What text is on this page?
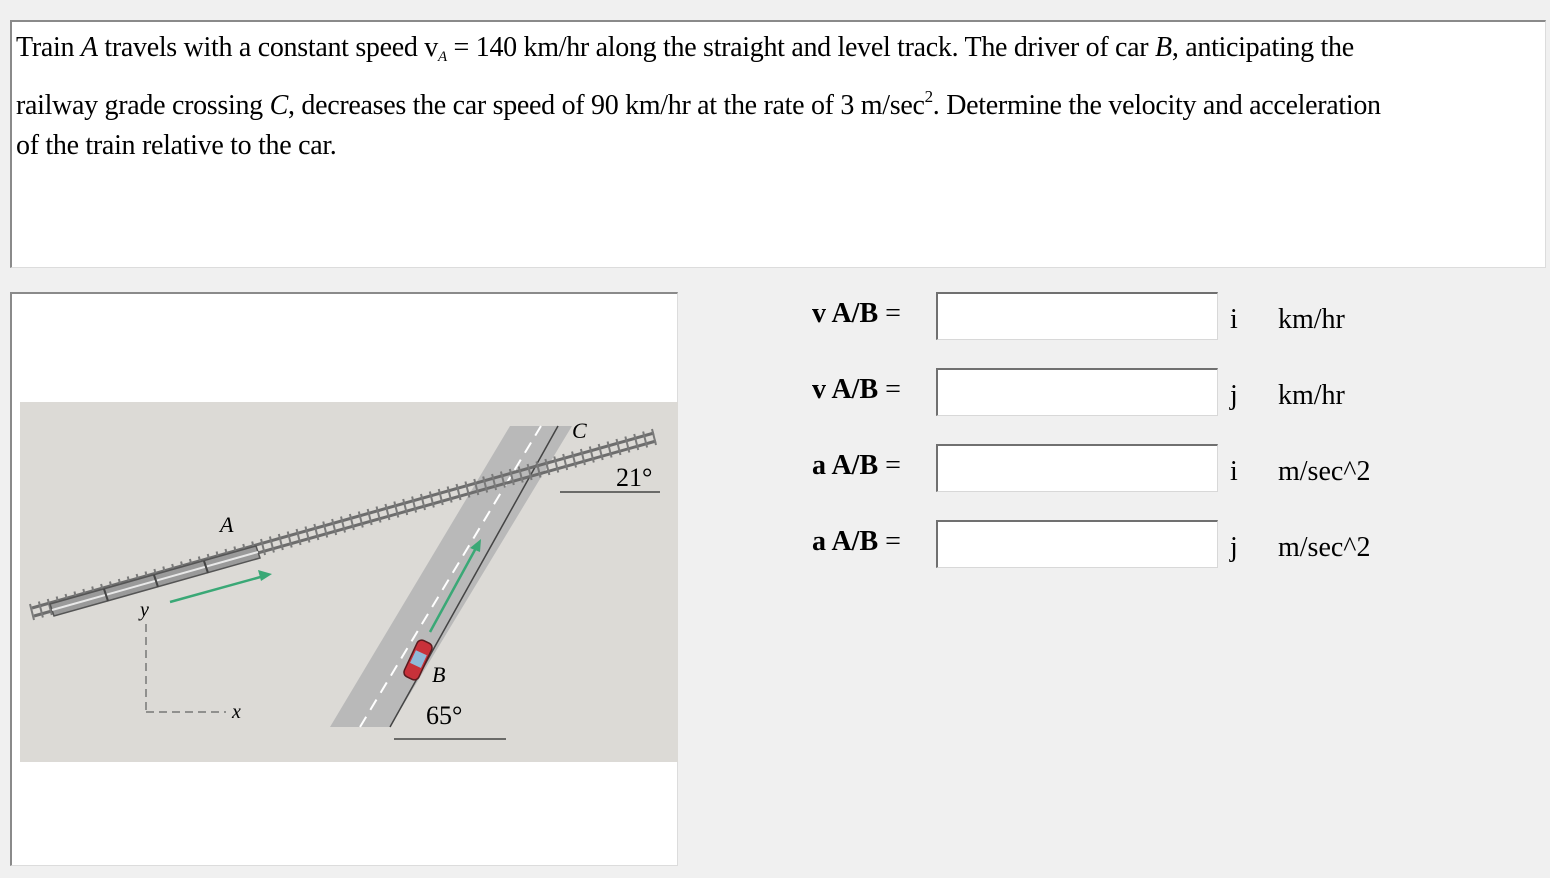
Train A travels with a constant speed $v_A = 140$ km/hr along the straight and level track. The driver of car B, anticipating the
railway grade crossing C, decreases the car speed of 90 km/hr at the rate of 3 $m/\sec^2$. Determine the velocity and acceleration
of the train relative to the car.
A
B
C
x
y
21°
65°
v A/B =	i km/hr
v A/B =	j km/hr
a A/B =	i m/sec^2
a A/B =	j m/sec^2
